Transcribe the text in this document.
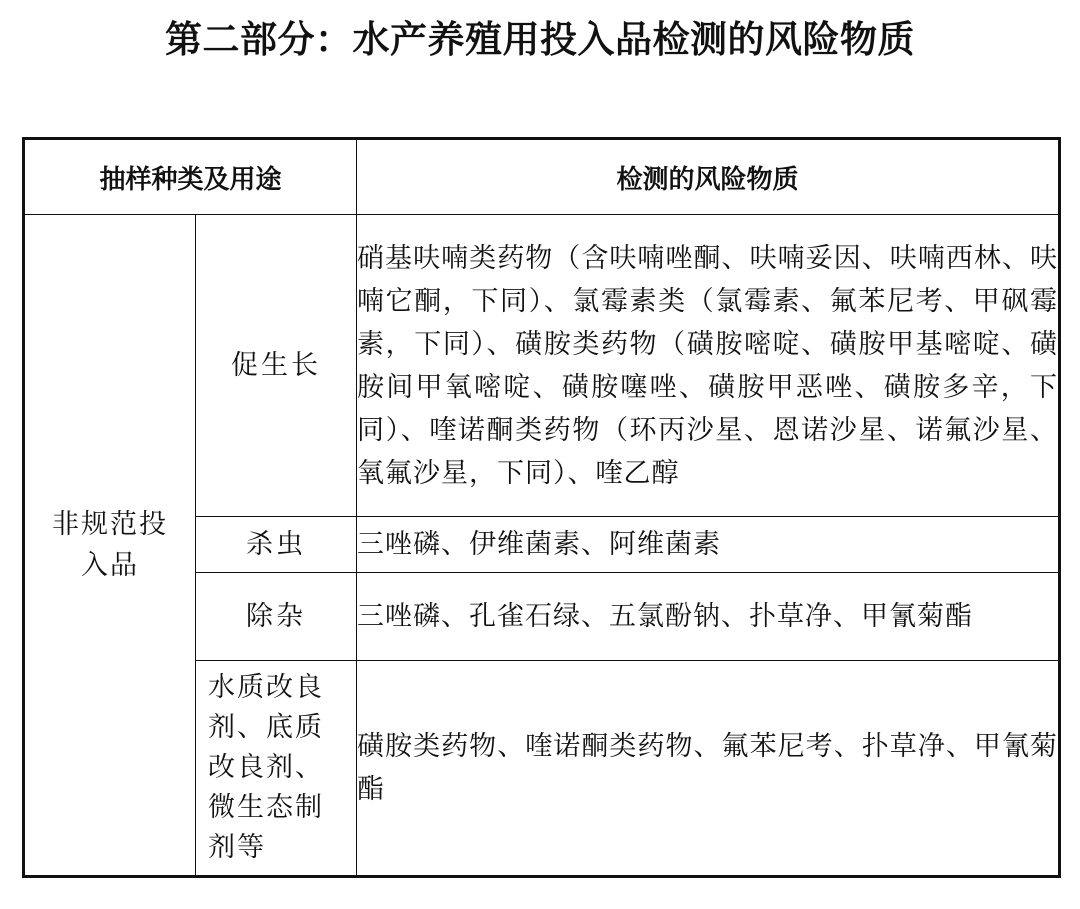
第二部分：水产养殖用投入品检测的风险物质
抽样种类及用途		检测的风险物质
非规范投入品	促生长	硝基呋喃类药物（含呋喃唑酮、呋喃妥因、呋喃西林、呋喃它酮，下同）、氯霉素类（氯霉素、氟苯尼考、甲砜霉素，下同）、磺胺类药物（磺胺嘧啶、磺胺甲基嘧啶、磺胺间甲氧嘧啶、磺胺噻唑、磺胺甲恶唑、磺胺多辛，下同）、喹诺酮类药物（环丙沙星、恩诺沙星、诺氟沙星、氧氟沙星，下同）、喹乙醇
	杀虫	三唑磷、伊维菌素、阿维菌素
	除杂	三唑磷、孔雀石绿、五氯酚钠、扑草净、甲氰菊酯

	水质改良剂、底质改良剂、微生态制剂等	磺胺类药物、喹诺酮类药物、氟苯尼考、扑草净、甲氰菊酯
